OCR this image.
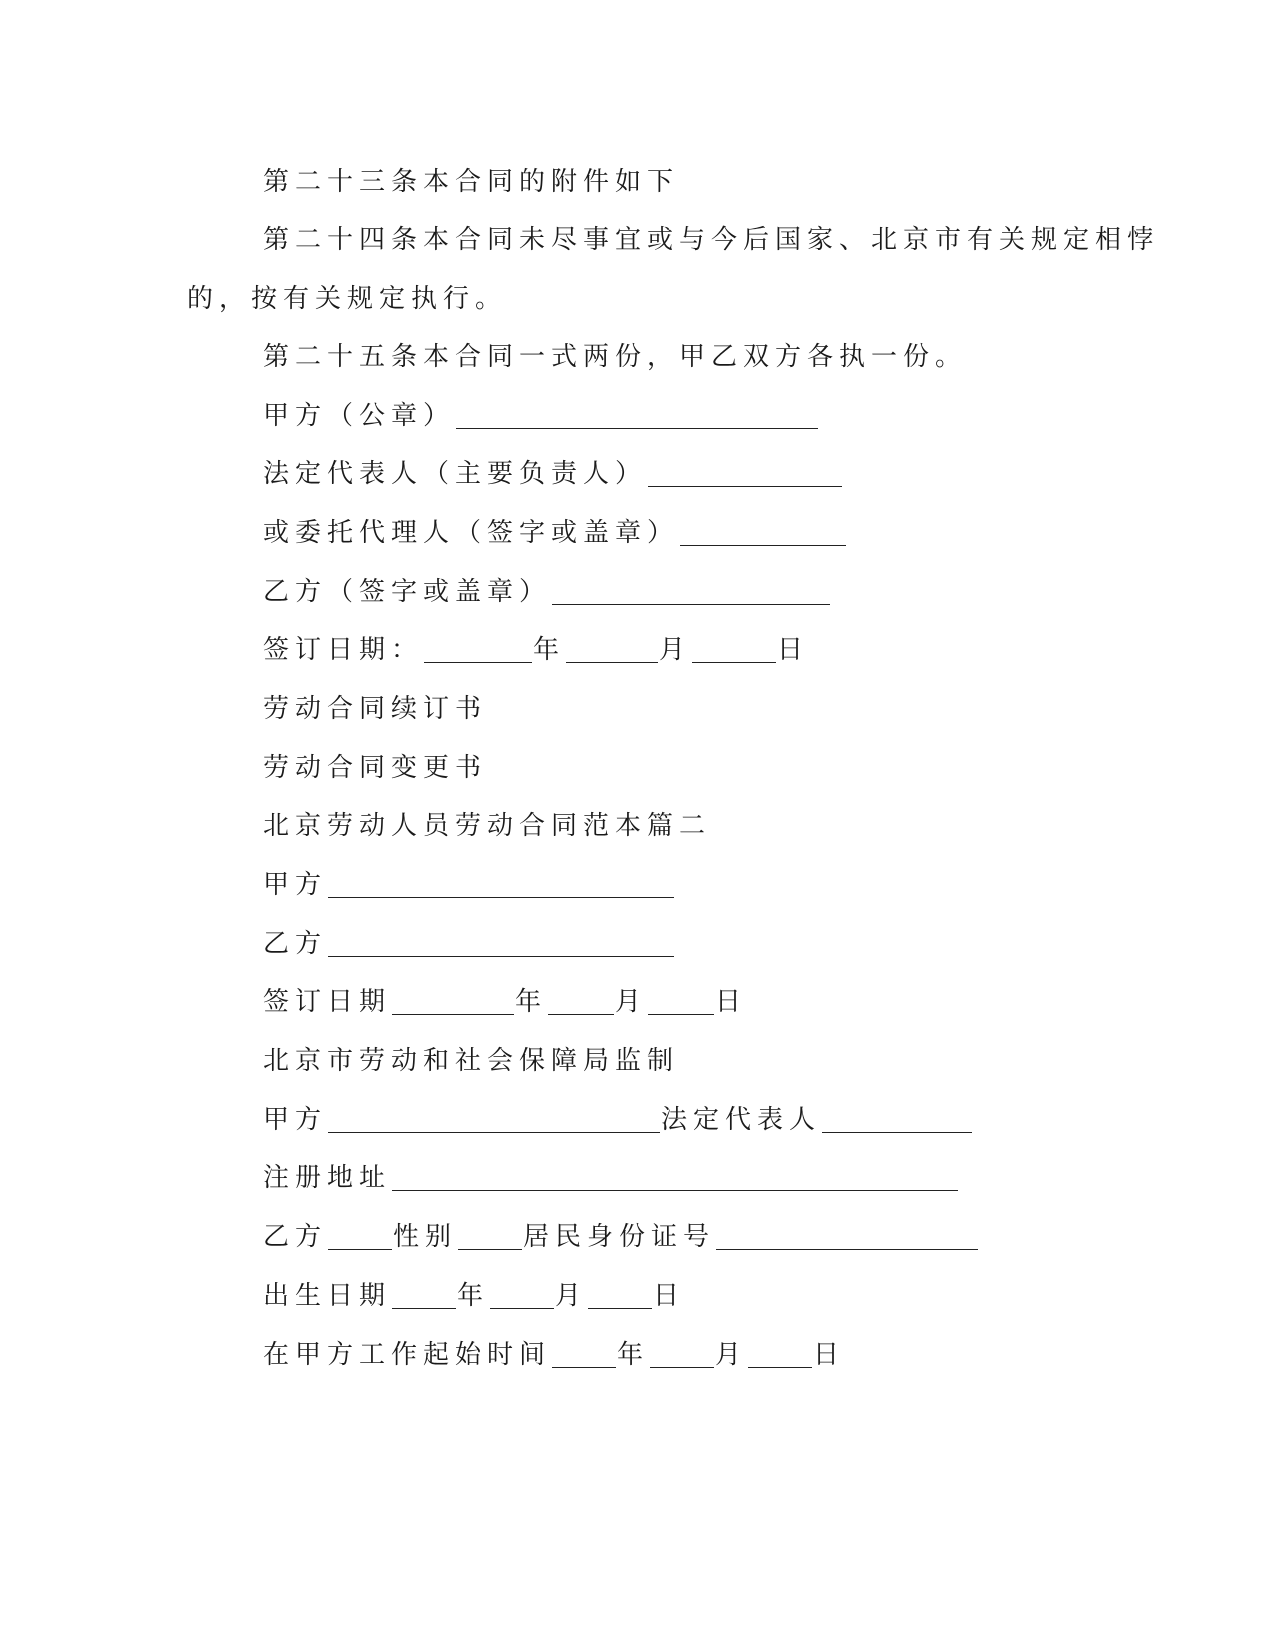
第二十三条本合同的附件如下
第二十四条本合同未尽事宜或与今后国家、北京市有关规定相悖
的，按有关规定执行。
第二十五条本合同一式两份，甲乙双方各执一份。
甲方（公章）
法定代表人（主要负责人）
或委托代理人（签字或盖章）
乙方（签字或盖章）
签订日期：	年	月	日
劳动合同续订书
劳动合同变更书
北京劳动人员劳动合同范本篇二
甲方
乙方
签订日期	年	月	日
北京市劳动和社会保障局监制
甲方	法定代表人
注册地址
乙方	性别	居民身份证号
出生日期	年	月	日
在甲方工作起始时间	年	月	日
